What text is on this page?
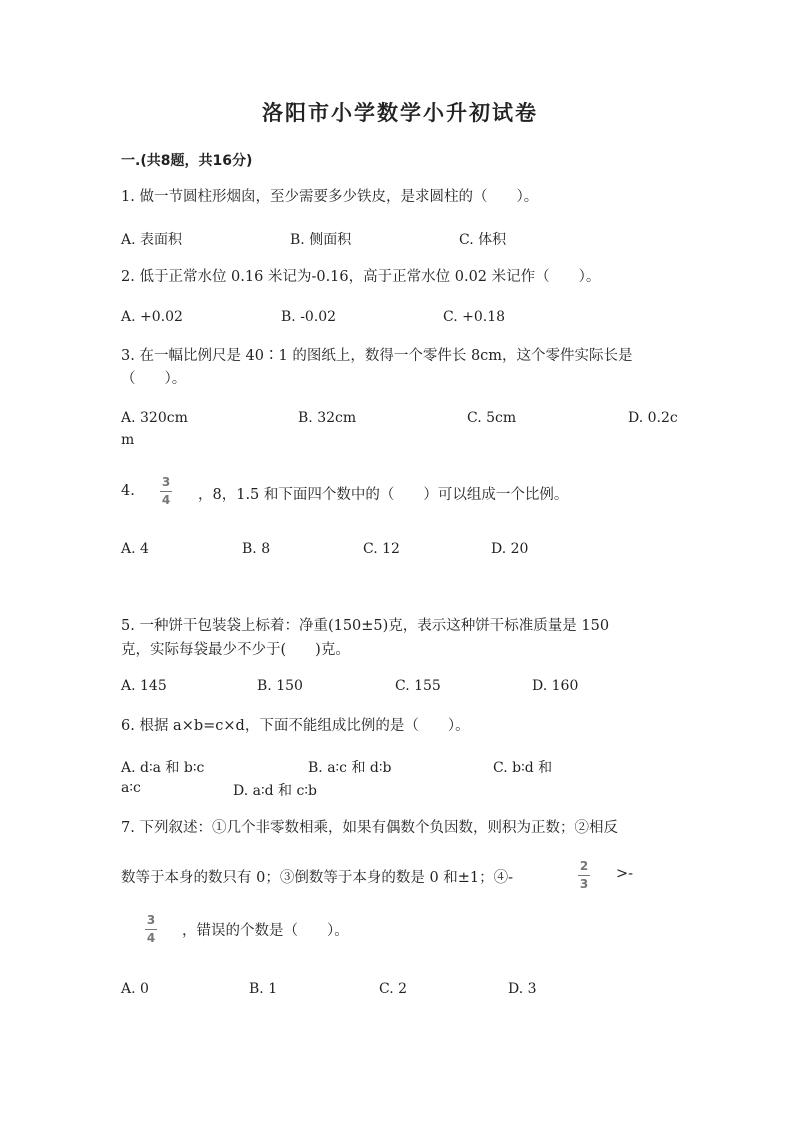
洛阳市小学数学小升初试卷
一.(共8题，共16分)
1. 做一节圆柱形烟囱，至少需要多少铁皮，是求圆柱的（　　）。
A. 表面积	B. 侧面积	C. 体积
2. 低于正常水位 0.16 米记为-0.16，高于正常水位 0.02 米记作（　　）。
A. +0.02	B. -0.02	C. +0.18
3. 在一幅比例尺是 40∶1 的图纸上，数得一个零件长 8cm，这个零件实际长是
（　　）。
A. 320cm	B. 32cm	C. 5cm	D. 0.2c
m
4.
3
4 ，8，1.5 和下面四个数中的（　　）可以组成一个比例。
A. 4	B. 8	C. 12	D. 20
5. 一种饼干包装袋上标着：净重(150±5)克，表示这种饼干标准质量是 150
克，实际每袋最少不少于(　　)克。
A. 145	B. 150	C. 155	D. 160
6. 根据 a×b=c×d，下面不能组成比例的是（　　）。
A. d∶a 和 b∶c	B. a∶c 和 d∶b	C. b∶d 和
a∶c	D. a∶d 和 c∶b
7. 下列叙述：①几个非零数相乘，如果有偶数个负因数，则积为正数；②相反
数等于本身的数只有 0；③倒数等于本身的数是 0 和±1；④-
2
3
>-
3
4 ，错误的个数是（　　）。
A. 0	B. 1	C. 2	D. 3
